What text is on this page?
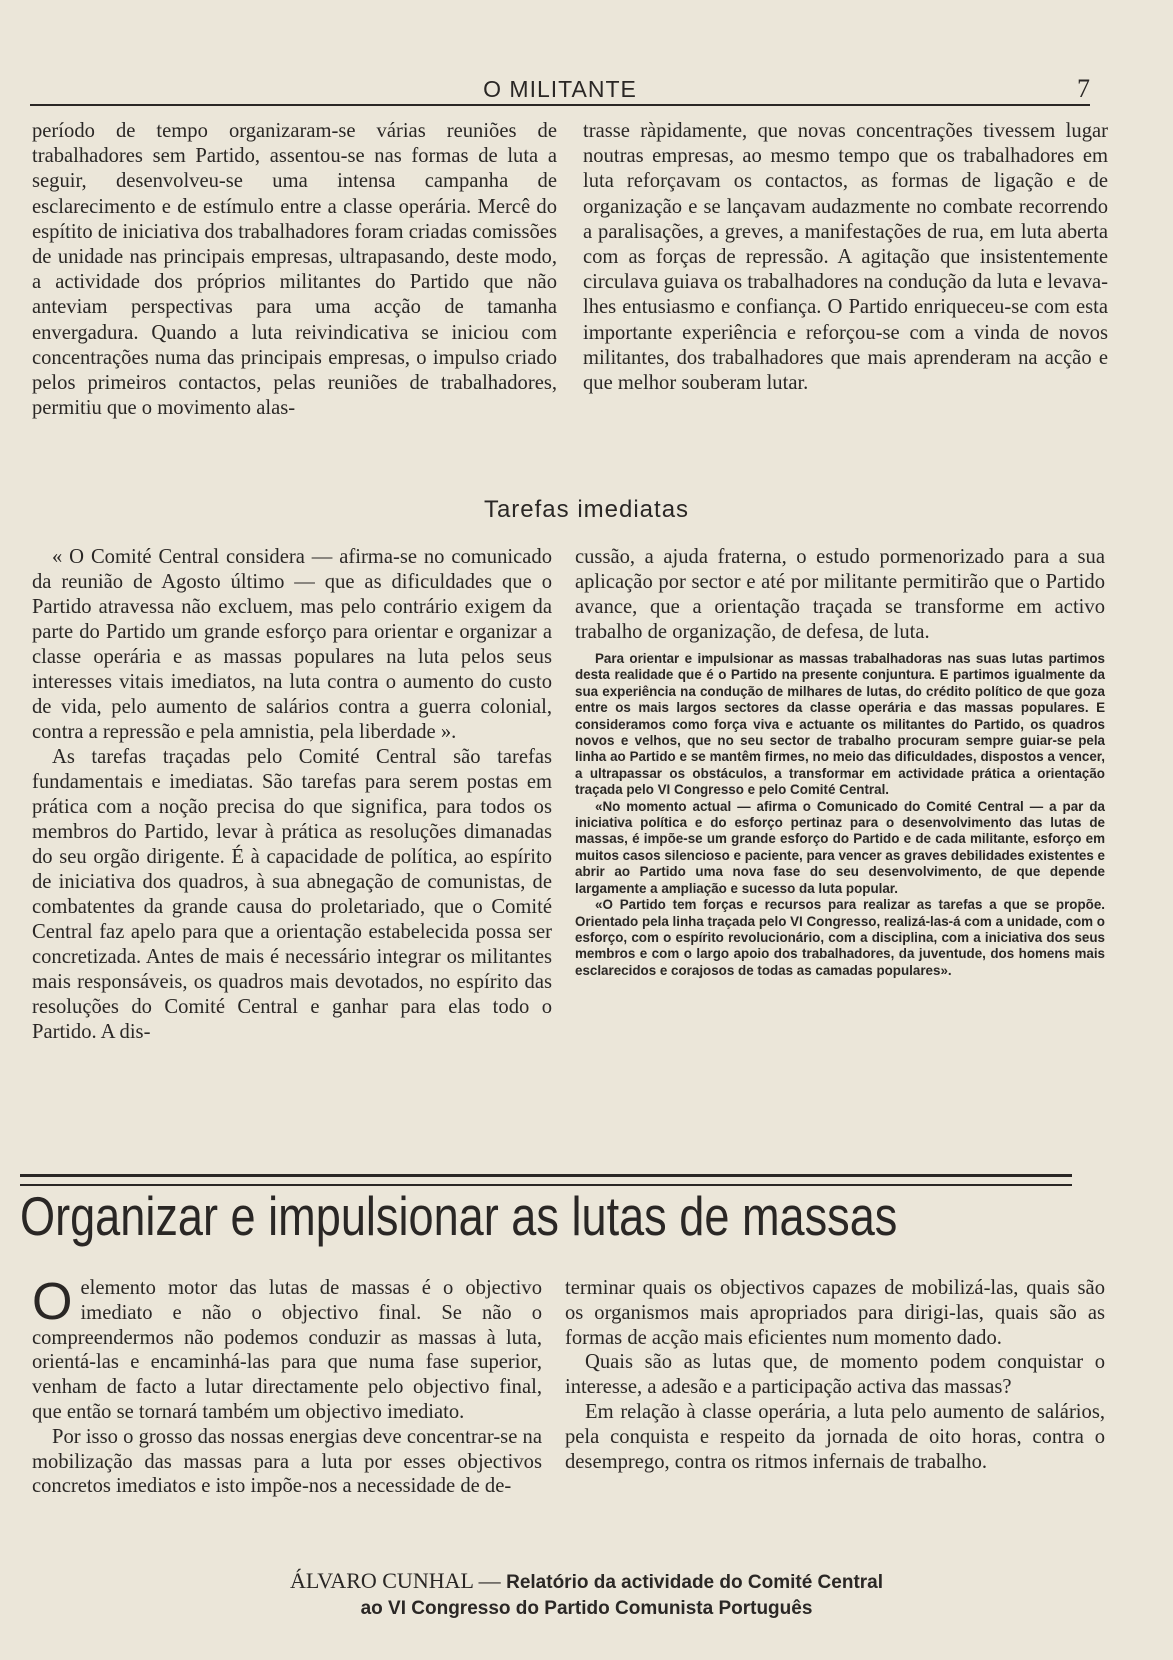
O MILITANTE	7

período de tempo organizaram-se várias reuniões de trabalhadores sem Partido, assentou-se nas formas de luta a seguir, desenvolveu-se uma intensa campanha de esclarecimento e de estímulo entre a classe operária. Mercê do espítito de iniciativa dos trabalhadores foram criadas comissões de unidade nas principais empresas, ultrapasando, deste modo, a actividade dos próprios militantes do Partido que não anteviam perspectivas para uma acção de tamanha envergadura. Quando a luta reivindicativa se iniciou com concentrações numa das principais empresas, o impulso criado pelos primeiros contactos, pelas reuniões de trabalhadores, permitiu que o movimento alas-

trasse ràpidamente, que novas concentrações tivessem lugar noutras empresas, ao mesmo tempo que os trabalhadores em luta reforçavam os contactos, as formas de ligação e de organização e se lançavam audazmente no combate recorrendo a paralisações, a greves, a manifestações de rua, em luta aberta com as forças de repressão. A agitação que insistentemente circulava guiava os trabalhadores na condução da luta e levava-lhes entusiasmo e confiança. O Partido enriqueceu-se com esta importante experiência e reforçou-se com a vinda de novos militantes, dos trabalhadores que mais aprenderam na acção e que melhor souberam lutar.

Tarefas imediatas

« O Comité Central considera — afirma-se no comunicado da reunião de Agosto último — que as dificuldades que o Partido atravessa não excluem, mas pelo contrário exigem da parte do Partido um grande esforço para orientar e organizar a classe operária e as massas populares na luta pelos seus interesses vitais imediatos, na luta contra o aumento do custo de vida, pelo aumento de salários contra a guerra colonial, contra a repressão e pela amnistia, pela liberdade ».

As tarefas traçadas pelo Comité Central são tarefas fundamentais e imediatas. São tarefas para serem postas em prática com a noção precisa do que significa, para todos os membros do Partido, levar à prática as resoluções dimanadas do seu orgão dirigente. É à capacidade de política, ao espírito de iniciativa dos quadros, à sua abnegação de comunistas, de combatentes da grande causa do proletariado, que o Comité Central faz apelo para que a orientação estabelecida possa ser concretizada. Antes de mais é necessário integrar os militantes mais responsáveis, os quadros mais devotados, no espírito das resoluções do Comité Central e ganhar para elas todo o Partido. A dis-

cussão, a ajuda fraterna, o estudo pormenorizado para a sua aplicação por sector e até por militante permitirão que o Partido avance, que a orientação traçada se transforme em activo trabalho de organização, de defesa, de luta.

Para orientar e impulsionar as massas trabalhadoras nas suas lutas partimos desta realidade que é o Partido na presente conjuntura. E partimos igualmente da sua experiência na condução de milhares de lutas, do crédito político de que goza entre os mais largos sectores da classe operária e das massas populares. E consideramos como força viva e actuante os militantes do Partido, os quadros novos e velhos, que no seu sector de trabalho procuram sempre guiar-se pela linha ao Partido e se mantêm firmes, no meio das dificuldades, dispostos a vencer, a ultrapassar os obstáculos, a transformar em actividade prática a orientação traçada pelo VI Congresso e pelo Comité Central.

«No momento actual — afirma o Comunicado do Comité Central — a par da iniciativa política e do esforço pertinaz para o desenvolvimento das lutas de massas, é impõe-se um grande esforço do Partido e de cada militante, esforço em muitos casos silencioso e paciente, para vencer as graves debilidades existentes e abrir ao Partido uma nova fase do seu desenvolvimento, de que depende largamente a ampliação e sucesso da luta popular.

«O Partido tem forças e recursos para realizar as tarefas a que se propõe. Orientado pela linha traçada pelo VI Congresso, realizá-las-á com a unidade, com o esforço, com o espírito revolucionário, com a disciplina, com a iniciativa dos seus membros e com o largo apoio dos trabalhadores, da juventude, dos homens mais esclarecidos e corajosos de todas as camadas populares».

Organizar e impulsionar as lutas de massas
O elemento motor das lutas de massas é o objectivo imediato e não o objectivo final. Se não o compreendermos não podemos conduzir as massas à luta, orientá-las e encaminhá-las para que numa fase superior, venham de facto a lutar directamente pelo objectivo final, que então se tornará também um objectivo imediato.

Por isso o grosso das nossas energias deve concentrar-se na mobilização das massas para a luta por esses objectivos concretos imediatos e isto impõe-nos a necessidade de de-

terminar quais os objectivos capazes de mobilizá-las, quais são os organismos mais apropriados para dirigi-las, quais são as formas de acção mais eficientes num momento dado.

Quais são as lutas que, de momento podem conquistar o interesse, a adesão e a participação activa das massas?

Em relação à classe operária, a luta pelo aumento de salários, pela conquista e respeito da jornada de oito horas, contra o desemprego, contra os ritmos infernais de trabalho.

ÁLVARO CUNHAL — Relatório da actividade do Comité Central
ao VI Congresso do Partido Comunista Português
